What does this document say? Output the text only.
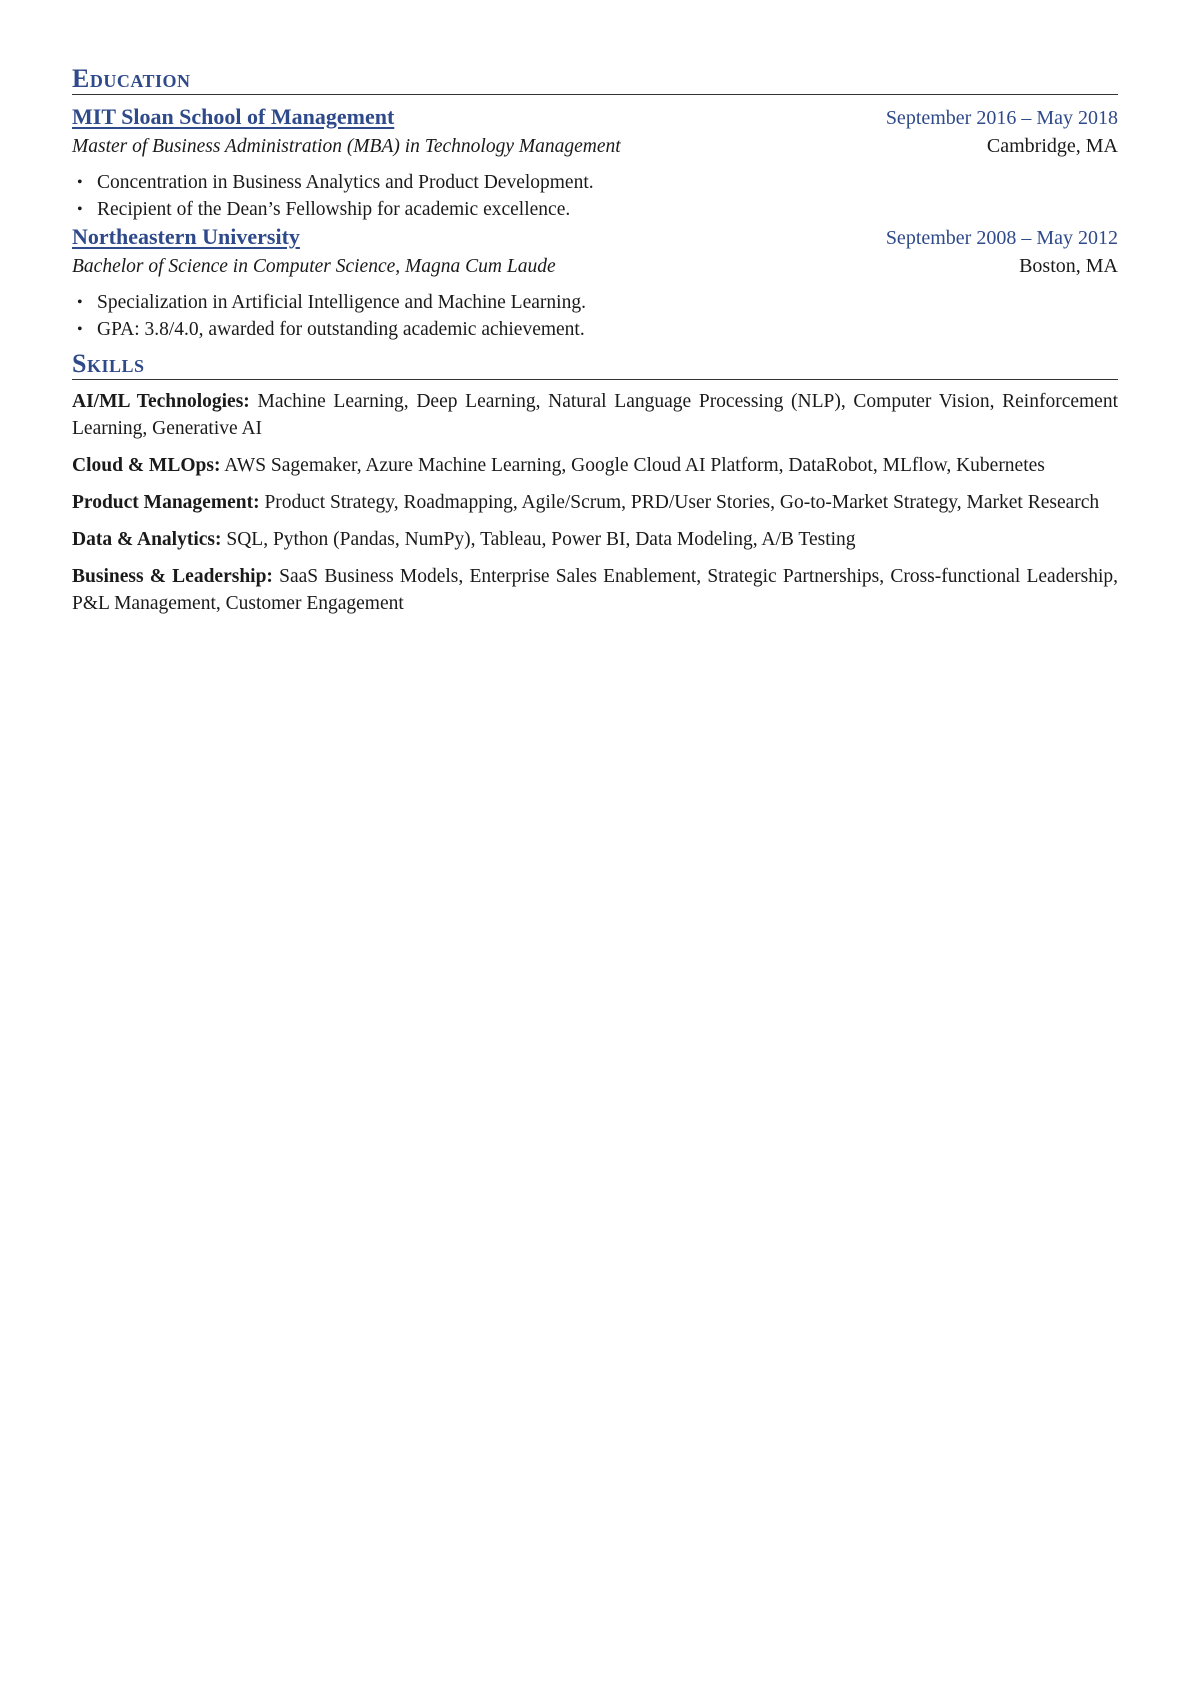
Education
MIT Sloan School of Management	September 2016 – May 2018
Master of Business Administration (MBA) in Technology Management	Cambridge, MA
• Concentration in Business Analytics and Product Development.
• Recipient of the Dean’s Fellowship for academic excellence.
Northeastern University	September 2008 – May 2012
Bachelor of Science in Computer Science, Magna Cum Laude	Boston, MA
• Specialization in Artificial Intelligence and Machine Learning.
• GPA: 3.8/4.0, awarded for outstanding academic achievement.
Skills

AI/ML Technologies: Machine Learning, Deep Learning, Natural Language Processing (NLP), Computer Vision, Reinforcement Learning, Generative AI

Cloud & MLOps: AWS Sagemaker, Azure Machine Learning, Google Cloud AI Platform, DataRobot, MLflow, Kubernetes

Product Management: Product Strategy, Roadmapping, Agile/Scrum, PRD/User Stories, Go-to-Market Strategy, Market Research

Data & Analytics: SQL, Python (Pandas, NumPy), Tableau, Power BI, Data Modeling, A/B Testing

Business & Leadership: SaaS Business Models, Enterprise Sales Enablement, Strategic Partnerships, Cross-functional Leadership, P&L Management, Customer Engagement
